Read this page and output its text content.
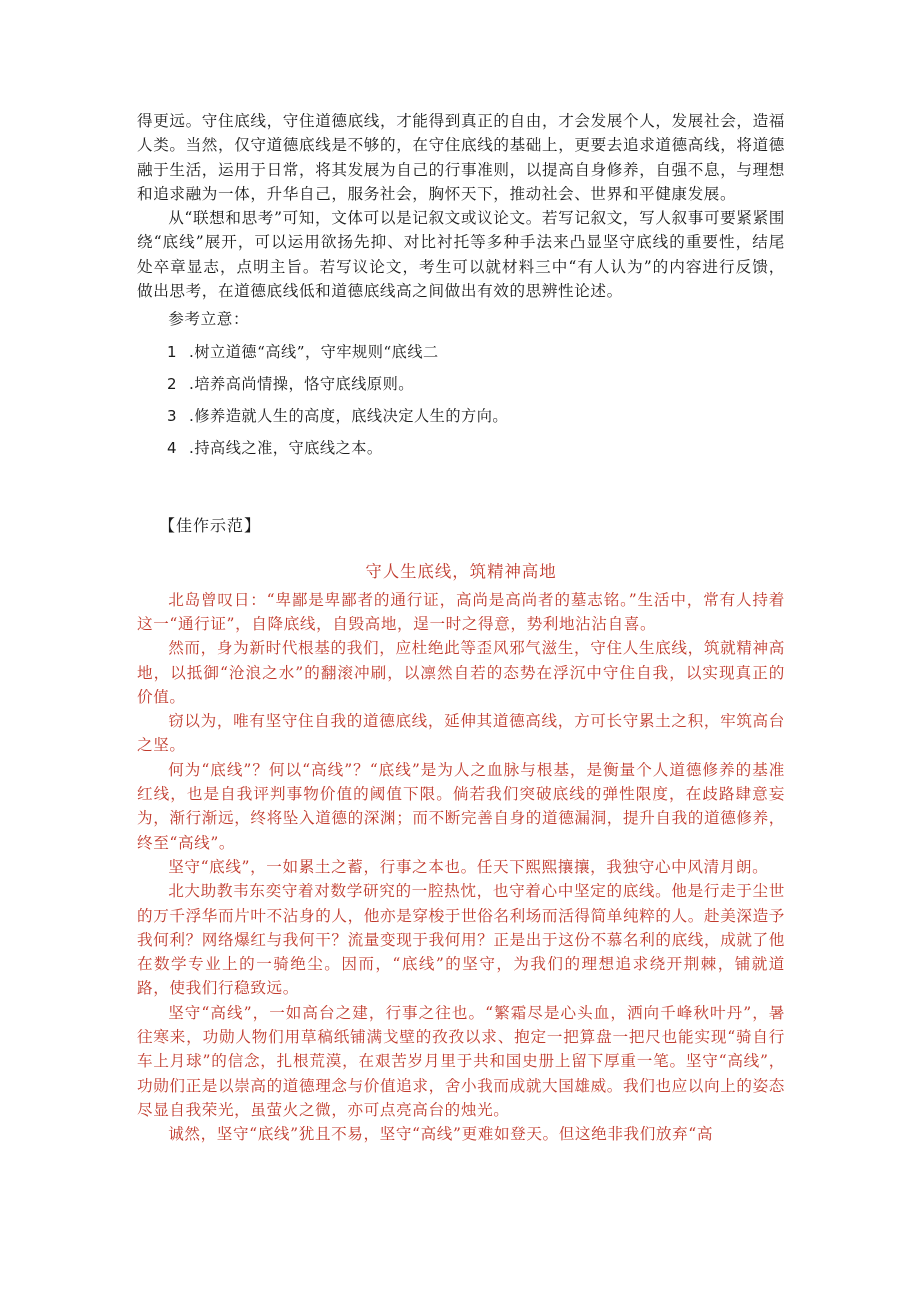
得更远。守住底线，守住道德底线，才能得到真正的自由，才会发展个人，发展社会，造福人类。当然，仅守道德底线是不够的，在守住底线的基础上，更要去追求道德高线，将道德融于生活，运用于日常，将其发展为自己的行事准则，以提高自身修养，自强不息，与理想和追求融为一体，升华自己，服务社会，胸怀天下，推动社会、世界和平健康发展。

从“联想和思考”可知，文体可以是记叙文或议论文。若写记叙文，写人叙事可要紧紧围绕“底线”展开，可以运用欲扬先抑、对比衬托等多种手法来凸显坚守底线的重要性，结尾处卒章显志，点明主旨。若写议论文，考生可以就材料三中“有人认为”的内容进行反馈，做出思考，在道德底线低和道德底线高之间做出有效的思辨性论述。

参考立意：

1 .树立道德“高线”，守牢规则“底线二
2 .培养高尚情操，恪守底线原则。
3 .修养造就人生的高度，底线决定人生的方向。
4 .持高线之准，守底线之本。

【佳作示范】

守人生底线，筑精神高地

北岛曾叹日：“卑鄙是卑鄙者的通行证，高尚是高尚者的墓志铭。”生活中，常有人持着这一“通行证”，自降底线，自毁高地，逞一时之得意，势利地沾沾自喜。

然而，身为新时代根基的我们，应杜绝此等歪风邪气滋生，守住人生底线，筑就精神高地，以抵御“沧浪之水”的翻滚冲刷，以凛然自若的态势在浮沉中守住自我，以实现真正的价值。

窃以为，唯有坚守住自我的道德底线，延伸其道德高线，方可长守累土之积，牢筑高台之坚。

何为“底线”？何以“高线”？“底线”是为人之血脉与根基，是衡量个人道德修养的基准红线，也是自我评判事物价值的阈值下限。倘若我们突破底线的弹性限度，在歧路肆意妄为，渐行渐远，终将坠入道德的深渊；而不断完善自身的道德漏洞，提升自我的道德修养，终至“高线”。

坚守“底线”，一如累土之蓄，行事之本也。任天下熙熙攘攘，我独守心中风清月朗。

北大助教韦东奕守着对数学研究的一腔热忱，也守着心中坚定的底线。他是行走于尘世的万千浮华而片叶不沾身的人，他亦是穿梭于世俗名利场而活得简单纯粹的人。赴美深造予我何利？网络爆红与我何干？流量变现于我何用？正是出于这份不慕名利的底线，成就了他在数学专业上的一骑绝尘。因而，“底线”的坚守，为我们的理想追求绕开荆棘，铺就道路，使我们行稳致远。

坚守“高线”，一如高台之建，行事之往也。“繁霜尽是心头血，洒向千峰秋叶丹”，暑往寒来，功勋人物们用草稿纸铺满戈壁的孜孜以求、抱定一把算盘一把尺也能实现“骑自行车上月球”的信念，扎根荒漠，在艰苦岁月里于共和国史册上留下厚重一笔。坚守“高线”，功勋们正是以崇高的道德理念与价值追求，舍小我而成就大国雄威。我们也应以向上的姿态尽显自我荣光，虽萤火之微，亦可点亮高台的烛光。

诚然，坚守“底线”犹且不易，坚守“高线”更难如登天。但这绝非我们放弃“高
